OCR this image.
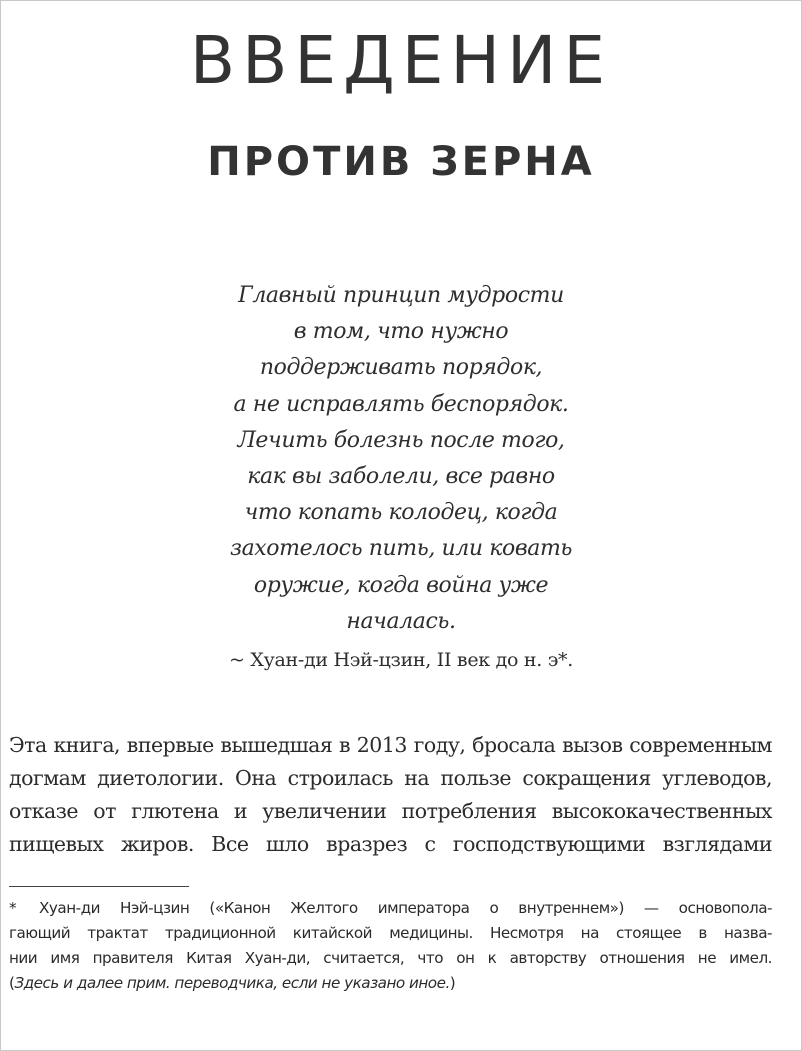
ВВЕДЕНИЕ
ПРОТИВ ЗЕРНА
Главный принцип мудрости
в том, что нужно
поддерживать порядок,
а не исправлять беспорядок.
Лечить болезнь после того,
как вы заболели, все равно
что копать колодец, когда
захотелось пить, или ковать
оружие, когда война уже
началась.
~ Хуан-ди Нэй-цзин, II век до н. э*.
Эта книга, впервые вышедшая в 2013 году, бросала вызов современным
догмам диетологии. Она строилась на пользе сокращения углеводов,
отказе от глютена и увеличении потребления высококачественных
пищевых жиров. Все шло вразрез с господствующими взглядами
* Хуан-ди Нэй-цзин («Канон Желтого императора о внутреннем») — основопола-
гающий трактат традиционной китайской медицины. Несмотря на стоящее в назва-
нии имя правителя Китая Хуан-ди, считается, что он к авторству отношения не имел.
(Здесь и далее прим. переводчика, если не указано иное.)
